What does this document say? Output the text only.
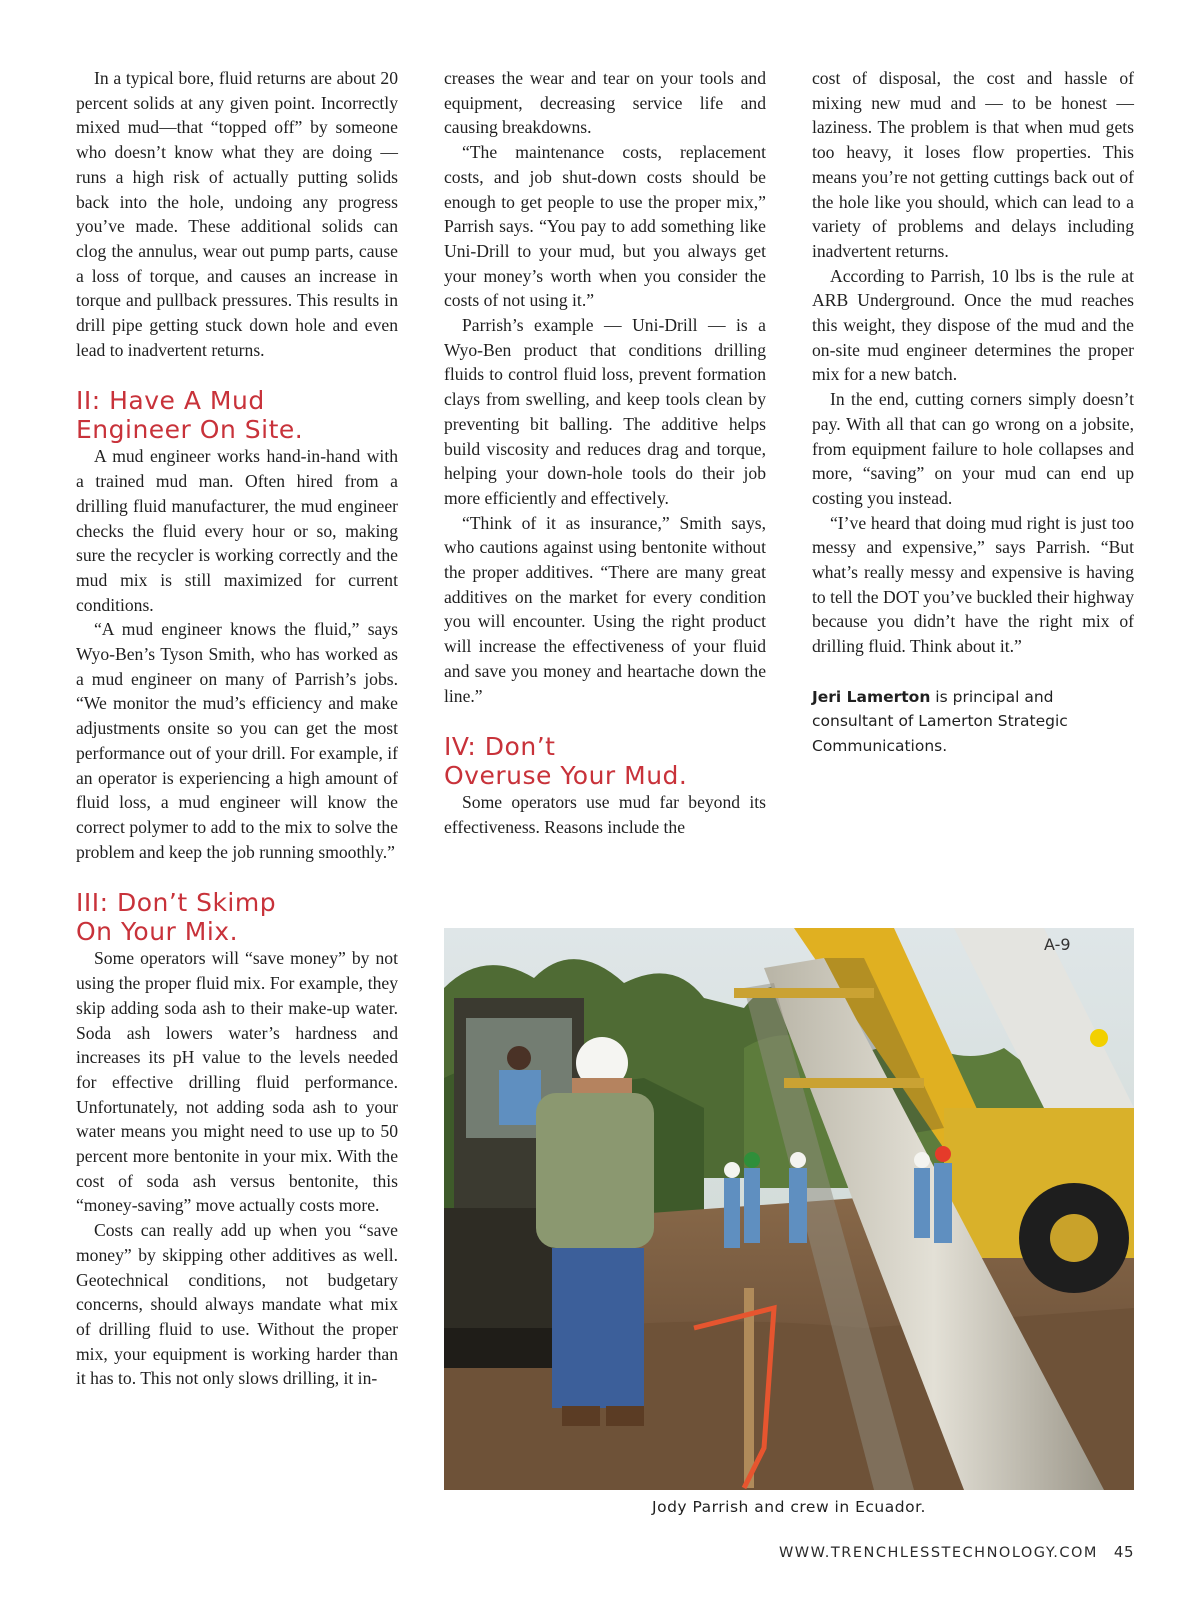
In a typical bore, fluid returns are about 20 percent solids at any given point. Incorrectly mixed mud—that “topped off” by someone who doesn’t know what they are doing — runs a high risk of actually putting solids back into the hole, undoing any progress you’ve made. These additional solids can clog the annulus, wear out pump parts, cause a loss of torque, and causes an increase in torque and pullback pressures. This results in drill pipe getting stuck down hole and even lead to inadvertent returns.

II: Have A Mud
Engineer On Site.

A mud engineer works hand-in-hand with a trained mud man. Often hired from a drilling fluid manufacturer, the mud engineer checks the fluid every hour or so, making sure the recycler is working correctly and the mud mix is still maximized for current conditions.

“A mud engineer knows the fluid,” says Wyo-Ben’s Tyson Smith, who has worked as a mud engineer on many of Parrish’s jobs. “We monitor the mud’s efficiency and make adjustments onsite so you can get the most performance out of your drill. For example, if an operator is experiencing a high amount of fluid loss, a mud engineer will know the correct polymer to add to the mix to solve the problem and keep the job running smoothly.”

III: Don’t Skimp
On Your Mix.

Some operators will “save money” by not using the proper fluid mix. For example, they skip adding soda ash to their make-up water. Soda ash lowers water’s hardness and increases its pH value to the levels needed for effective drilling fluid performance. Unfortunately, not adding soda ash to your water means you might need to use up to 50 percent more bentonite in your mix. With the cost of soda ash versus bentonite, this “money-saving” move actually costs more.

Costs can really add up when you “save money” by skipping other additives as well. Geotechnical conditions, not budgetary concerns, should always mandate what mix of drilling fluid to use. Without the proper mix, your equipment is working harder than it has to. This not only slows drilling, it in-

creases the wear and tear on your tools and equipment, decreasing service life and causing breakdowns.

“The maintenance costs, replacement costs, and job shut-down costs should be enough to get people to use the proper mix,” Parrish says. “You pay to add something like Uni-Drill to your mud, but you always get your money’s worth when you consider the costs of not using it.”

Parrish’s example — Uni-Drill — is a Wyo-Ben product that conditions drilling fluids to control fluid loss, prevent formation clays from swelling, and keep tools clean by preventing bit balling. The additive helps build viscosity and reduces drag and torque, helping your down-hole tools do their job more efficiently and effectively.

“Think of it as insurance,” Smith says, who cautions against using bentonite without the proper additives. “There are many great additives on the market for every condition you will encounter. Using the right product will increase the effectiveness of your fluid and save you money and heartache down the line.”

IV: Don’t
Overuse Your Mud.

Some operators use mud far beyond its effectiveness. Reasons include the

cost of disposal, the cost and hassle of mixing new mud and — to be honest — laziness. The problem is that when mud gets too heavy, it loses flow properties. This means you’re not getting cuttings back out of the hole like you should, which can lead to a variety of problems and delays including inadvertent returns.

According to Parrish, 10 lbs is the rule at ARB Underground. Once the mud reaches this weight, they dispose of the mud and the on-site mud engineer determines the proper mix for a new batch.

In the end, cutting corners simply doesn’t pay. With all that can go wrong on a jobsite, from equipment failure to hole collapses and more, “saving” on your mud can end up costing you instead.

“I’ve heard that doing mud right is just too messy and expensive,” says Parrish. “But what’s really messy and expensive is having to tell the DOT you’ve buckled their highway because you didn’t have the right mix of drilling fluid. Think about it.”

Jeri Lamerton is principal and consultant of Lamerton Strategic Communications.
A-9
Jody Parrish and crew in Ecuador.
WWW.TRENCHLESSTECHNOLOGY.COM 45
